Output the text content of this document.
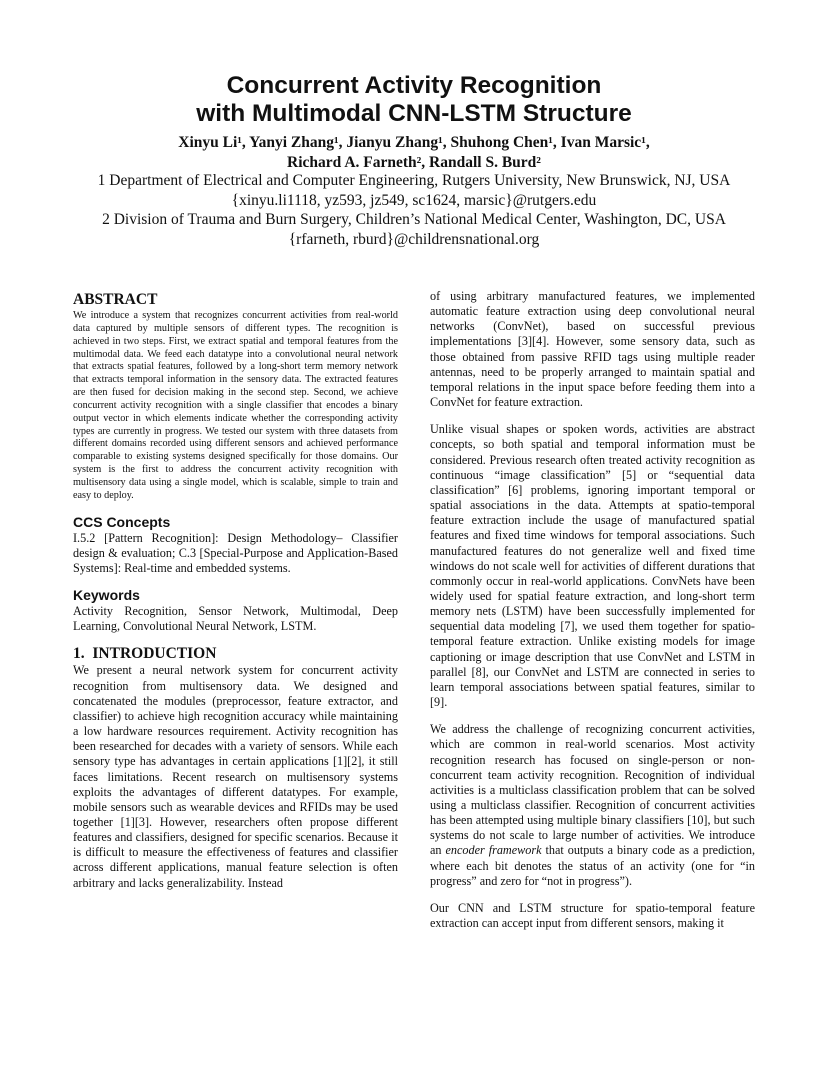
Concurrent Activity Recognition
with Multimodal CNN-LSTM Structure
Xinyu Li¹, Yanyi Zhang¹, Jianyu Zhang¹, Shuhong Chen¹, Ivan Marsic¹,
Richard A. Farneth², Randall S. Burd²
1 Department of Electrical and Computer Engineering, Rutgers University, New Brunswick, NJ, USA
{xinyu.li1118, yz593, jz549, sc1624, marsic}@rutgers.edu
2 Division of Trauma and Burn Surgery, Children’s National Medical Center, Washington, DC, USA
{rfarneth, rburd}@childrensnational.org
ABSTRACT

We introduce a system that recognizes concurrent activities from real-world data captured by multiple sensors of different types. The recognition is achieved in two steps. First, we extract spatial and temporal features from the multimodal data. We feed each datatype into a convolutional neural network that extracts spatial features, followed by a long-short term memory network that extracts temporal information in the sensory data. The extracted features are then fused for decision making in the second step. Second, we achieve concurrent activity recognition with a single classifier that encodes a binary output vector in which elements indicate whether the corresponding activity types are currently in progress. We tested our system with three datasets from different domains recorded using different sensors and achieved performance comparable to existing systems designed specifically for those domains. Our system is the first to address the concurrent activity recognition with multisensory data using a single model, which is scalable, simple to train and easy to deploy.

CCS Concepts

I.5.2 [Pattern Recognition]: Design Methodology– Classifier design & evaluation; C.3 [Special-Purpose and Application-Based Systems]: Real-time and embedded systems.

Keywords

Activity Recognition, Sensor Network, Multimodal, Deep Learning, Convolutional Neural Network, LSTM.

1.  INTRODUCTION

We present a neural network system for concurrent activity recognition from multisensory data. We designed and concatenated the modules (preprocessor, feature extractor, and classifier) to achieve high recognition accuracy while maintaining a low hardware resources requirement. Activity recognition has been researched for decades with a variety of sensors. While each sensory type has advantages in certain applications [1][2], it still faces limitations. Recent research on multisensory systems exploits the advantages of different datatypes. For example, mobile sensors such as wearable devices and RFIDs may be used together [1][3]. However, researchers often propose different features and classifiers, designed for specific scenarios. Because it is difficult to measure the effectiveness of features and classifier across different applications, manual feature selection is often arbitrary and lacks generalizability. Instead

of using arbitrary manufactured features, we implemented automatic feature extraction using deep convolutional neural networks (ConvNet), based on successful previous implementations [3][4]. However, some sensory data, such as those obtained from passive RFID tags using multiple reader antennas, need to be properly arranged to maintain spatial and temporal relations in the input space before feeding them into a ConvNet for feature extraction.

Unlike visual shapes or spoken words, activities are abstract concepts, so both spatial and temporal information must be considered. Previous research often treated activity recognition as continuous “image classification” [5] or “sequential data classification” [6] problems, ignoring important temporal or spatial associations in the data. Attempts at spatio-temporal feature extraction include the usage of manufactured spatial features and fixed time windows for temporal associations. Such manufactured features do not generalize well and fixed time windows do not scale well for activities of different durations that commonly occur in real-world applications. ConvNets have been widely used for spatial feature extraction, and long-short term memory nets (LSTM) have been successfully implemented for sequential data modeling [7], we used them together for spatio-temporal feature extraction. Unlike existing models for image captioning or image description that use ConvNet and LSTM in parallel [8], our ConvNet and LSTM are connected in series to learn temporal associations between spatial features, similar to [9].

We address the challenge of recognizing concurrent activities, which are common in real-world scenarios. Most activity recognition research has focused on single-person or non-concurrent team activity recognition. Recognition of individual activities is a multiclass classification problem that can be solved using a multiclass classifier. Recognition of concurrent activities has been attempted using multiple binary classifiers [10], but such systems do not scale to large number of activities. We introduce an encoder framework that outputs a binary code as a prediction, where each bit denotes the status of an activity (one for “in progress” and zero for “not in progress”).

Our CNN and LSTM structure for spatio-temporal feature extraction can accept input from different sensors, making it
